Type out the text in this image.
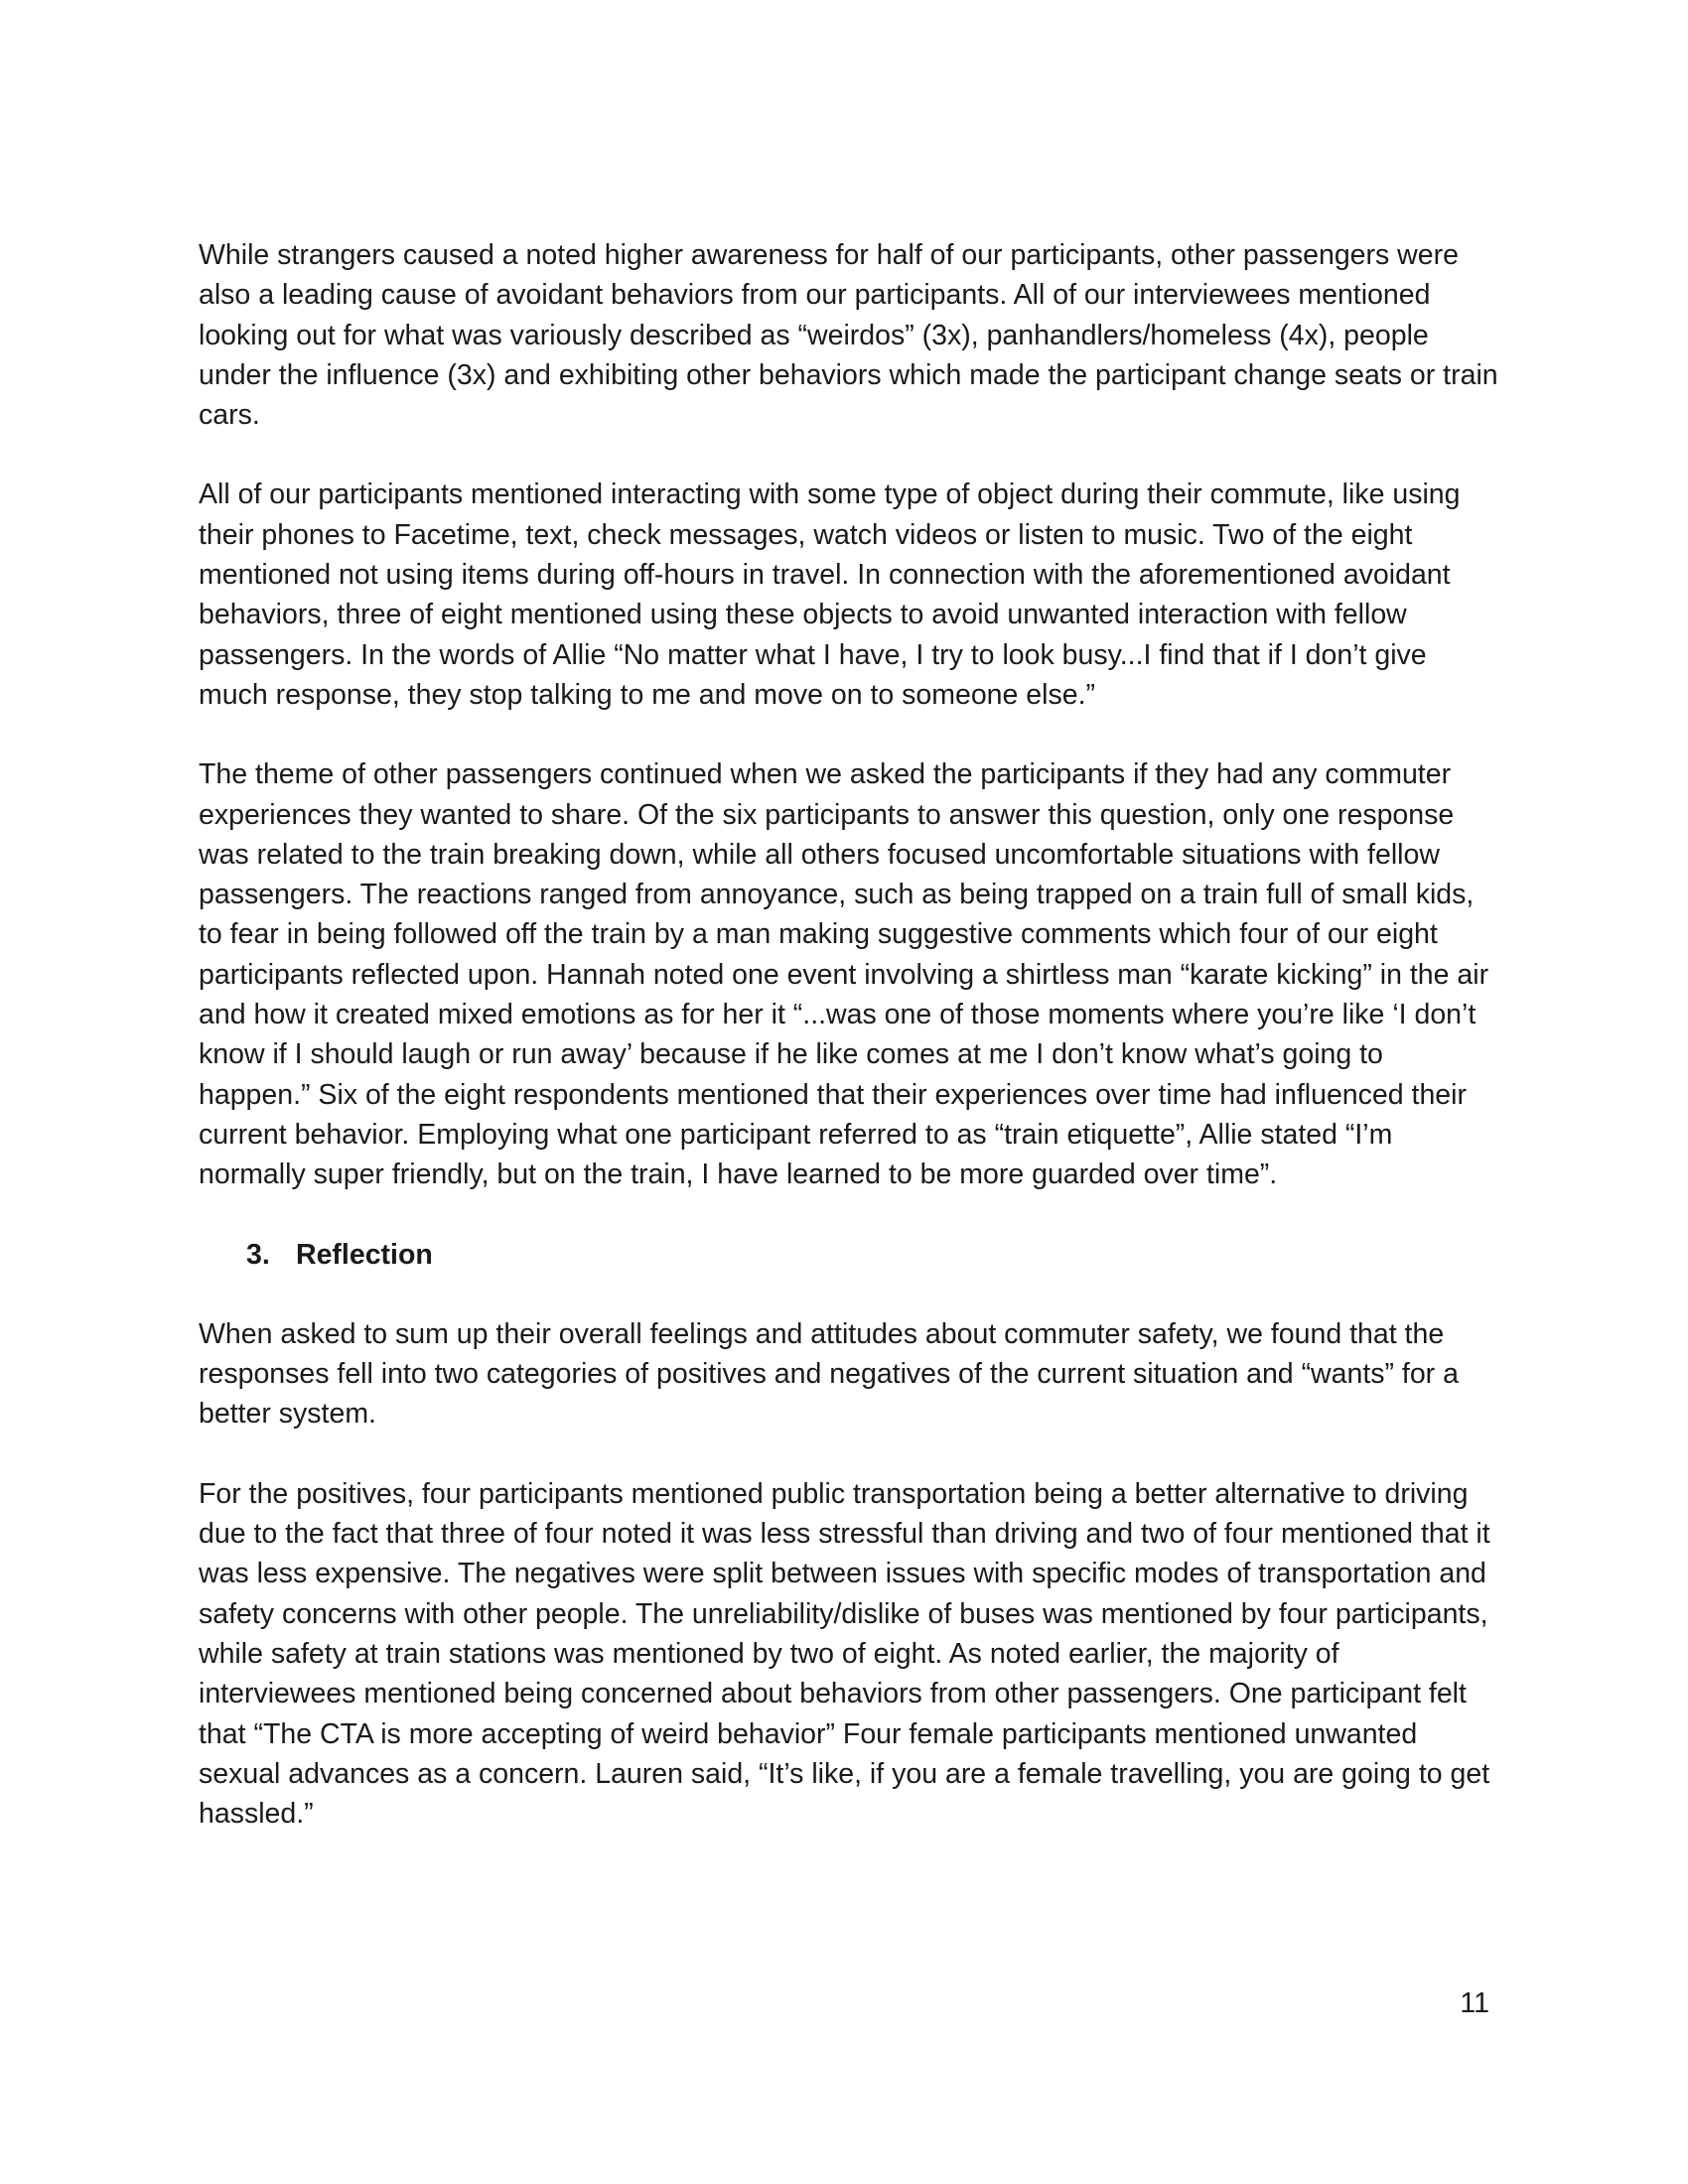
While strangers caused a noted higher awareness for half of our participants, other passengers were also a leading cause of avoidant behaviors from our participants. All of our interviewees mentioned looking out for what was variously described as “weirdos” (3x), panhandlers/homeless (4x), people under the influence (3x) and exhibiting other behaviors which made the participant change seats or train cars.

All of our participants mentioned interacting with some type of object during their commute, like using their phones to Facetime, text, check messages, watch videos or listen to music. Two of the eight mentioned not using items during off-hours in travel. In connection with the aforementioned avoidant behaviors, three of eight mentioned using these objects to avoid unwanted interaction with fellow passengers. In the words of Allie “No matter what I have, I try to look busy...I find that if I don’t give much response, they stop talking to me and move on to someone else.”

The theme of other passengers continued when we asked the participants if they had any commuter experiences they wanted to share. Of the six participants to answer this question, only one response was related to the train breaking down, while all others focused uncomfortable situations with fellow passengers. The reactions ranged from annoyance, such as being trapped on a train full of small kids, to fear in being followed off the train by a man making suggestive comments which four of our eight participants reflected upon. Hannah noted one event involving a shirtless man “karate kicking” in the air and how it created mixed emotions as for her it “...was one of those moments where you’re like ‘I don’t know if I should laugh or run away’ because if he like comes at me I don’t know what’s going to happen.” Six of the eight respondents mentioned that their experiences over time had influenced their current behavior. Employing what one participant referred to as “train etiquette”, Allie stated “I’m normally super friendly, but on the train, I have learned to be more guarded over time”.

3. Reflection

When asked to sum up their overall feelings and attitudes about commuter safety, we found that the responses fell into two categories of positives and negatives of the current situation and “wants” for a better system.

For the positives, four participants mentioned public transportation being a better alternative to driving due to the fact that three of four noted it was less stressful than driving and two of four mentioned that it was less expensive. The negatives were split between issues with specific modes of transportation and safety concerns with other people. The unreliability/dislike of buses was mentioned by four participants, while safety at train stations was mentioned by two of eight. As noted earlier, the majority of interviewees mentioned being concerned about behaviors from other passengers. One participant felt that “The CTA is more accepting of weird behavior” Four female participants mentioned unwanted sexual advances as a concern. Lauren said, “It’s like, if you are a female travelling, you are going to get hassled.”

11
